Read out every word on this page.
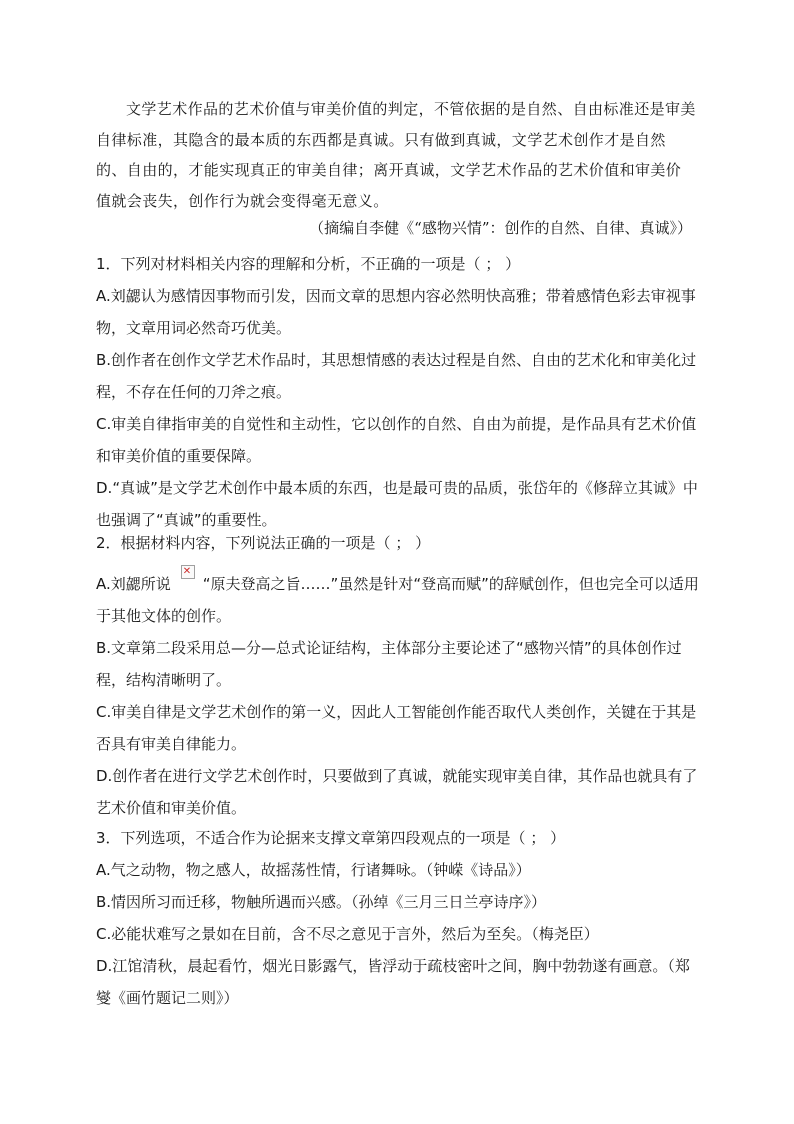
文学艺术作品的艺术价值与审美价值的判定，不管依据的是自然、自由标准还是审美自律标准，其隐含的最本质的东西都是真诚。只有做到真诚，文学艺术创作才是自然的、自由的，才能实现真正的审美自律；离开真诚，文学艺术作品的艺术价值和审美价值就会丧失，创作行为就会变得毫无意义。
（摘编自李健《“感物兴情”：创作的自然、自律、真诚》）
1．下列对材料相关内容的理解和分析，不正确的一项是（ ； ）
A.刘勰认为感情因事物而引发，因而文章的思想内容必然明快高雅；带着感情色彩去审视事物，文章用词必然奇巧优美。
B.创作者在创作文学艺术作品时，其思想情感的表达过程是自然、自由的艺术化和审美化过程，不存在任何的刀斧之痕。
C.审美自律指审美的自觉性和主动性，它以创作的自然、自由为前提，是作品具有艺术价值和审美价值的重要保障。
D.“真诚”是文学艺术创作中最本质的东西，也是最可贵的品质，张岱年的《修辞立其诚》中也强调了“真诚”的重要性。
2．根据材料内容，下列说法正确的一项是（ ； ）
A.刘勰所说✕ “原夫登高之旨……”虽然是针对“登高而赋”的辞赋创作，但也完全可以适用于其他文体的创作。
B.文章第二段采用总—分—总式论证结构，主体部分主要论述了“感物兴情”的具体创作过程，结构清晰明了。
C.审美自律是文学艺术创作的第一义，因此人工智能创作能否取代人类创作，关键在于其是否具有审美自律能力。
D.创作者在进行文学艺术创作时，只要做到了真诚，就能实现审美自律，其作品也就具有了艺术价值和审美价值。
3．下列选项，不适合作为论据来支撑文章第四段观点的一项是（ ； ）
A.气之动物，物之感人，故摇荡性情，行诸舞咏。（钟嵘《诗品》）
B.情因所习而迁移，物触所遇而兴感。（孙绰《三月三日兰亭诗序》）
C.必能状难写之景如在目前，含不尽之意见于言外，然后为至矣。（梅尧臣）
D.江馆清秋，晨起看竹，烟光日影露气，皆浮动于疏枝密叶之间，胸中勃勃遂有画意。（郑燮《画竹题记二则》）
